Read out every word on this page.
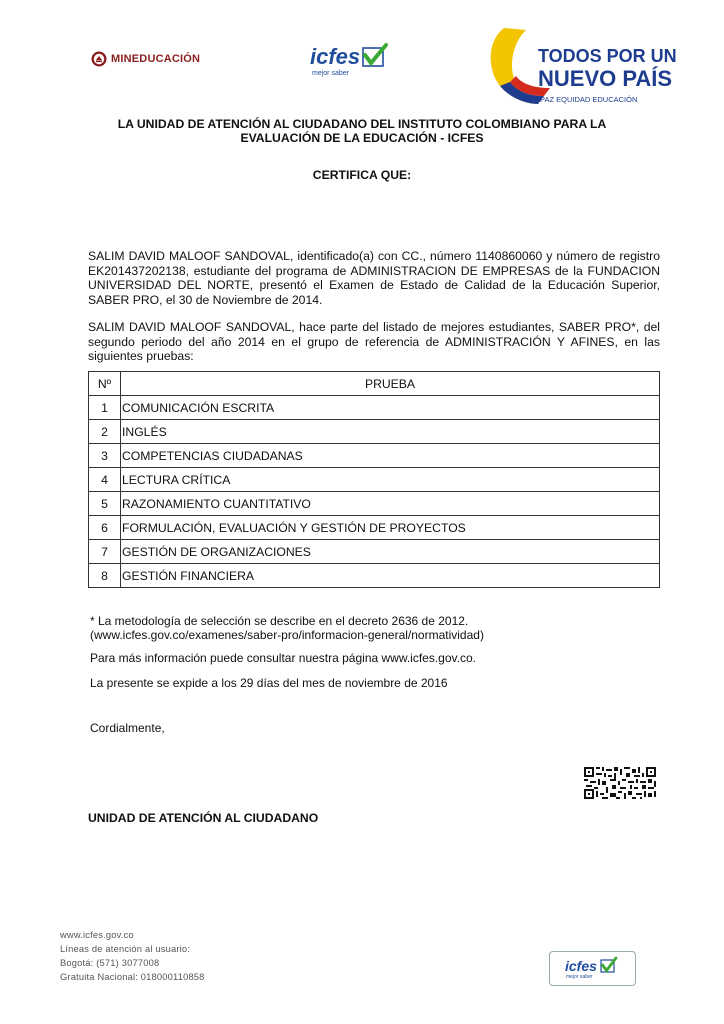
MINEDUCACIÓN	icfes
mejor saber
TODOS POR UN
NUEVO PAÍS
PAZ EQUIDAD EDUCACIÓN
LA UNIDAD DE ATENCIÓN AL CIUDADANO DEL INSTITUTO COLOMBIANO PARA LA
EVALUACIÓN DE LA EDUCACIÓN - ICFES
CERTIFICA QUE:
SALIM DAVID MALOOF SANDOVAL, identificado(a) con CC., número 1140860060 y número de registro EK201437202138, estudiante del programa de ADMINISTRACION DE EMPRESAS de la FUNDACION UNIVERSIDAD DEL NORTE, presentó el Examen de Estado de Calidad de la Educación Superior, SABER PRO, el 30 de Noviembre de 2014.
SALIM DAVID MALOOF SANDOVAL, hace parte del listado de mejores estudiantes, SABER PRO*, del segundo periodo del año 2014 en el grupo de referencia de ADMINISTRACIÓN Y AFINES, en las siguientes pruebas:
Nº	PRUEBA
1	COMUNICACIÓN ESCRITA
2	INGLÉS
3	COMPETENCIAS CIUDADANAS
4	LECTURA CRÍTICA
5	RAZONAMIENTO CUANTITATIVO
6	FORMULACIÓN, EVALUACIÓN Y GESTIÓN DE PROYECTOS
7	GESTIÓN DE ORGANIZACIONES
8	GESTIÓN FINANCIERA
* La metodología de selección se describe en el decreto 2636 de 2012.
(www.icfes.gov.co/examenes/saber-pro/informacion-general/normatividad)
Para más información puede consultar nuestra página www.icfes.gov.co.
La presente se expide a los 29 días del mes de noviembre de 2016
Cordialmente,
UNIDAD DE ATENCIÓN AL CIUDADANO
www.icfes.gov.co
Líneas de atención al usuario:
Bogotá: (571) 3077008
Gratuita Nacional: 018000110858
icfes
mejor saber
